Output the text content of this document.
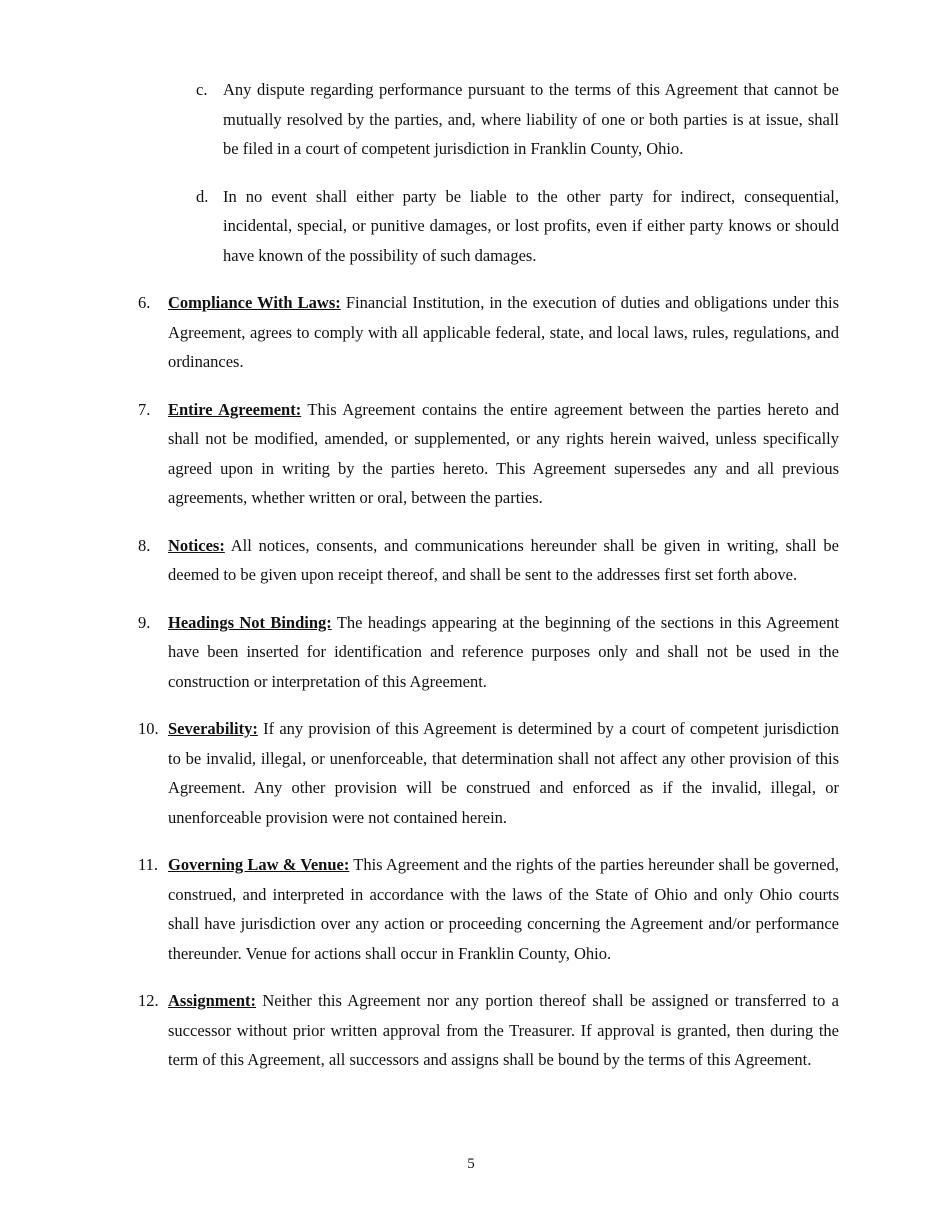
c. Any dispute regarding performance pursuant to the terms of this Agreement that cannot be mutually resolved by the parties, and, where liability of one or both parties is at issue, shall be filed in a court of competent jurisdiction in Franklin County, Ohio.
d. In no event shall either party be liable to the other party for indirect, consequential, incidental, special, or punitive damages, or lost profits, even if either party knows or should have known of the possibility of such damages.
6. Compliance With Laws: Financial Institution, in the execution of duties and obligations under this Agreement, agrees to comply with all applicable federal, state, and local laws, rules, regulations, and ordinances.
7. Entire Agreement: This Agreement contains the entire agreement between the parties hereto and shall not be modified, amended, or supplemented, or any rights herein waived, unless specifically agreed upon in writing by the parties hereto. This Agreement supersedes any and all previous agreements, whether written or oral, between the parties.
8. Notices: All notices, consents, and communications hereunder shall be given in writing, shall be deemed to be given upon receipt thereof, and shall be sent to the addresses first set forth above.
9. Headings Not Binding: The headings appearing at the beginning of the sections in this Agreement have been inserted for identification and reference purposes only and shall not be used in the construction or interpretation of this Agreement.
10. Severability: If any provision of this Agreement is determined by a court of competent jurisdiction to be invalid, illegal, or unenforceable, that determination shall not affect any other provision of this Agreement. Any other provision will be construed and enforced as if the invalid, illegal, or unenforceable provision were not contained herein.
11. Governing Law & Venue: This Agreement and the rights of the parties hereunder shall be governed, construed, and interpreted in accordance with the laws of the State of Ohio and only Ohio courts shall have jurisdiction over any action or proceeding concerning the Agreement and/or performance thereunder. Venue for actions shall occur in Franklin County, Ohio.
12. Assignment: Neither this Agreement nor any portion thereof shall be assigned or transferred to a successor without prior written approval from the Treasurer. If approval is granted, then during the term of this Agreement, all successors and assigns shall be bound by the terms of this Agreement.
5
